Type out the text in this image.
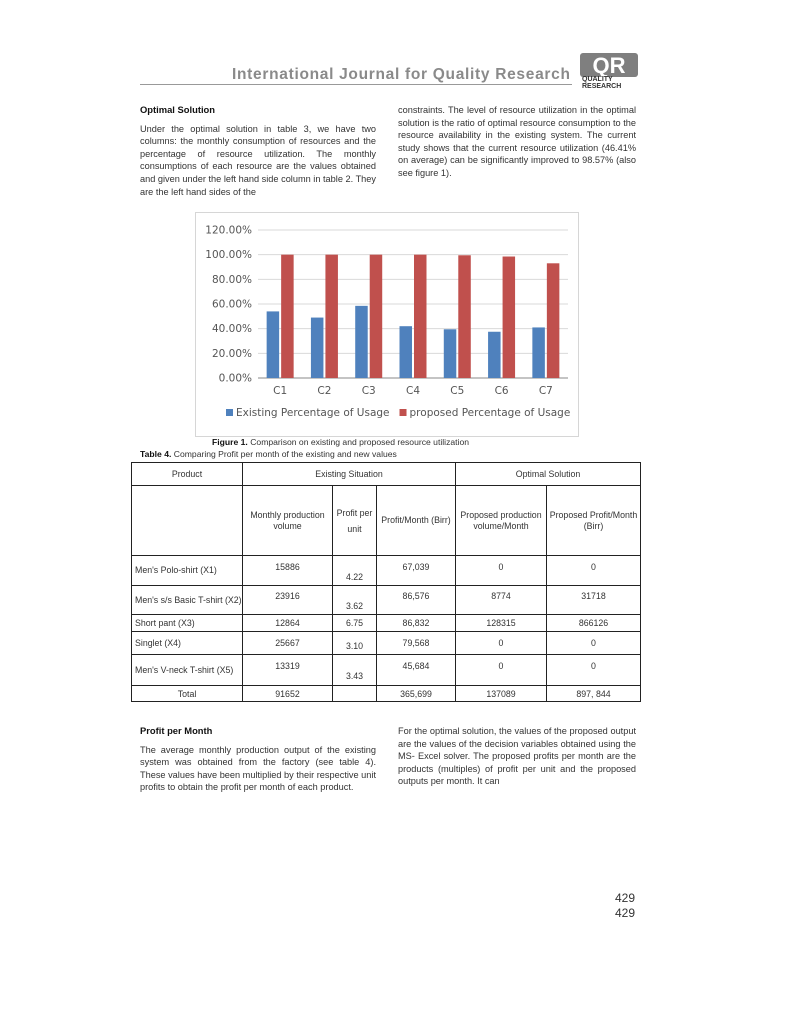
International Journal for Quality Research QR
QUALITY
RESEARCH

Optimal Solution

Under the optimal solution in table 3, we have two columns: the monthly consumption of resources and the percentage of resource utilization. The monthly consumptions of each resource are the values obtained and given under the left hand side column in table 2. They are the left hand sides of the

constraints. The level of resource utilization in the optimal solution is the ratio of optimal resource consumption to the resource availability in the existing system. The current study shows that the current resource utilization (46.41% on average) can be significantly improved to 98.57% (also see figure 1).

0.00%
20.00%
40.00%
60.00%
80.00%
100.00%
120.00%
C1	C2	C3	C4	C5	C6	C7
Existing Percentage of Usage proposed Percentage of Usage
Figure 1. Comparison on existing and proposed resource utilization
Table 4. Comparing Profit per month of the existing and new values
Product	Existing Situation			Optimal Solution	
	Monthly production volume	Profit per unit	Profit/Month (Birr)	Proposed production volume/Month	Proposed Profit/Month (Birr)
Men's Polo-shirt (X1)	15886	4.22	67,039	0	0
Men's s/s Basic T-shirt (X2)	23916	3.62	86,576	8774	31718
Short pant (X3)	12864	6.75	86,832	128315	866126
Singlet (X4)	25667	3.10	79,568	0	0
Men's V-neck T-shirt (X5)	13319	3.43	45,684	0	0
Total	91652		365,699	137089	897, 844

Profit per Month

The average monthly production output of the existing system was obtained from the factory (see table 4). These values have been multiplied by their respective unit profits to obtain the profit per month of each product.

For the optimal solution, the values of the proposed output are the values of the decision variables obtained using the MS- Excel solver. The proposed profits per month are the products (multiples) of profit per unit and the proposed outputs per month. It can

429
429
